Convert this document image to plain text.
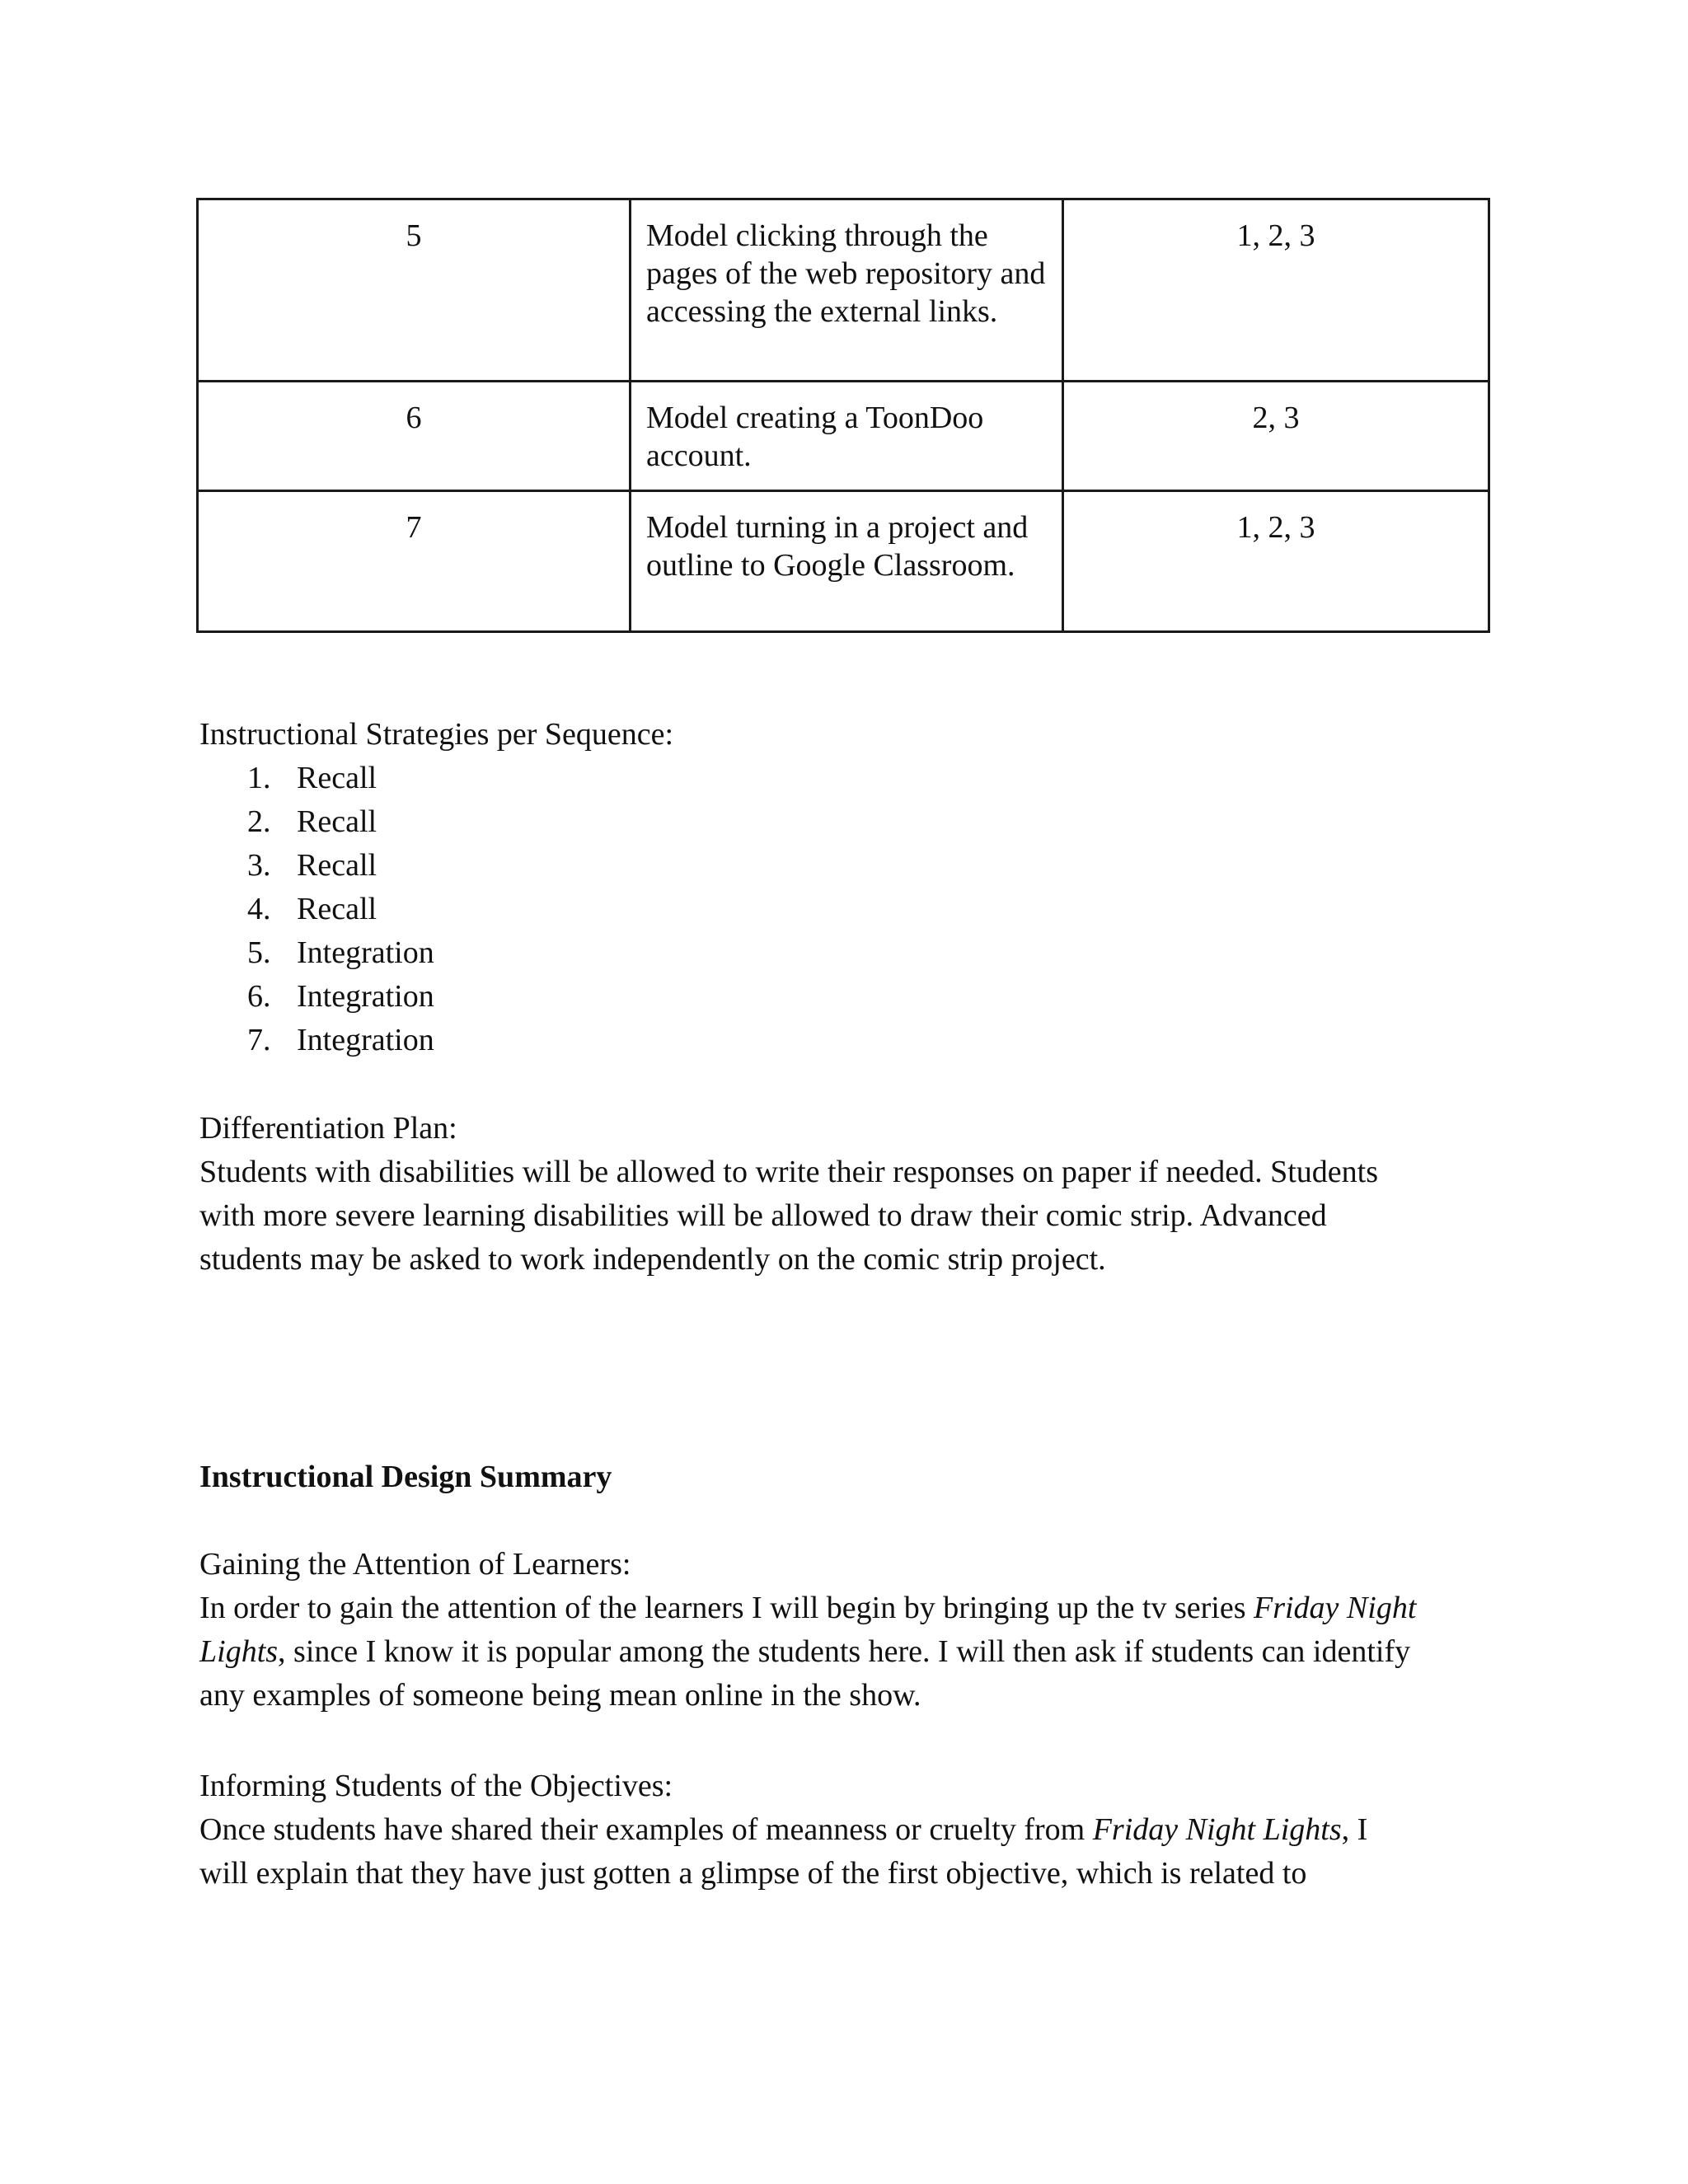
5	Model clicking through the pages of the web repository and accessing the external links.	1, 2, 3
6	Model creating a ToonDoo account.	2, 3
7	Model turning in a project and outline to Google Classroom.	1, 2, 3

Instructional Strategies per Sequence:

1. Recall
2. Recall
3. Recall
4. Recall
5. Integration
6. Integration
7. Integration

Differentiation Plan:

Students with disabilities will be allowed to write their responses on paper if needed. Students

with more severe learning disabilities will be allowed to draw their comic strip. Advanced

students may be asked to work independently on the comic strip project.

Instructional Design Summary

Gaining the Attention of Learners:

In order to gain the attention of the learners I will begin by bringing up the tv series Friday Night

Lights, since I know it is popular among the students here. I will then ask if students can identify

any examples of someone being mean online in the show.

Informing Students of the Objectives:

Once students have shared their examples of meanness or cruelty from Friday Night Lights, I

will explain that they have just gotten a glimpse of the first objective, which is related to
